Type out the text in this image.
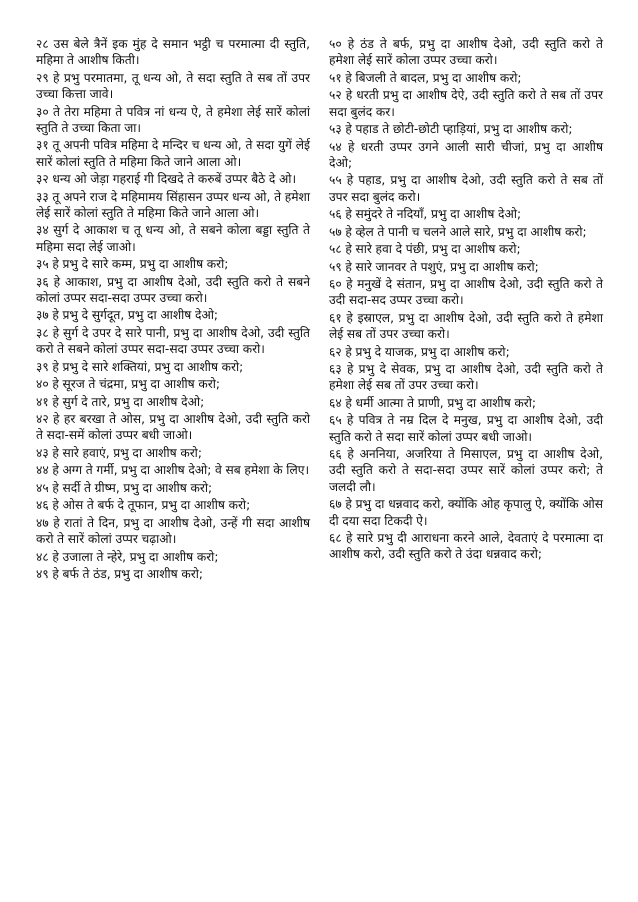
२८ उस बेले त्रैनें इक मुंह दे समान भट्ठी च परमात्मा दी स्तुति, महिमा ते आशीष किती।

२९ हे प्रभु परमातमा, तू धन्य ओ, ते सदा स्तुति ते सब तों उपर उच्चा कित्ता जावे।

३० ते तेरा महिमा ते पवित्र नां धन्य ऐ, ते हमेशा लेई सारें कोलां स्तुति ते उच्चा किता जा।

३१ तू अपनी पवित्र महिमा दे मन्दिर च धन्य ओ, ते सदा युगें लेई सारें कोलां स्तुति ते महिमा किते जाने आला ओ।

३२ धन्य ओ जेड़ा गहराई गी दिखदे ते करुबें उप्पर बैठे दे ओ।

३३ तू अपने राज दे महिमामय सिंहासन उप्पर धन्य ओ, ते हमेशा लेई सारें कोलां स्तुति ते महिमा किते जाने आला ओ।

३४ सुर्ग दे आकाश च तू धन्य ओ, ते सबने कोला बड्डा स्तुति ते महिमा सदा लेई जाओ।

३५ हे प्रभु दे सारे कम्म, प्रभु दा आशीष करो;

३६ हे आकाश, प्रभु दा आशीष देओ, उदी स्तुति करो ते सबने कोलां उप्पर सदा-सदा उप्पर उच्चा करो।

३७ हे प्रभु दे सुर्गदूत, प्रभु दा आशीष देओ;

३८ हे सुर्ग दे उपर दे सारे पानी, प्रभु दा आशीष देओ, उदी स्तुति करो ते सबने कोलां उप्पर सदा-सदा उप्पर उच्चा करो।

३९ हे प्रभु दे सारे शक्तियां, प्रभु दा आशीष करो;

४० हे सूरज ते चंद्रमा, प्रभु दा आशीष करो;

४१ हे सुर्ग दे तारे, प्रभु दा आशीष देओ;

४२ हे हर बरखा ते ओस, प्रभु दा आशीष देओ, उदी स्तुति करो ते सदा-समें कोलां उप्पर बधी जाओ।

४३ हे सारे हवाएं, प्रभु दा आशीष करो;

४४ हे अग्ग ते गर्मी, प्रभु दा आशीष देओ; वे सब हमेशा के लिए।

४५ हे सर्दी ते ग्रीष्म, प्रभु दा आशीष करो;

४६ हे ओस ते बर्फ दे तूफान, प्रभु दा आशीष करो;

४७ हे रातां ते दिन, प्रभु दा आशीष देओ, उन्हें गी सदा आशीष करो ते सारें कोलां उप्पर चढ़ाओ।

४८ हे उजाला ते न्हेरे, प्रभु दा आशीष करो;

४९ हे बर्फ ते ठंड, प्रभु दा आशीष करो;

५० हे ठंड ते बर्फ, प्रभु दा आशीष देओ, उदी स्तुति करो ते हमेशा लेई सारें कोला उप्पर उच्चा करो।

५१ हे बिजली ते बादल, प्रभु दा आशीष करो;

५२ हे धरती प्रभु दा आशीष देऐ, उदी स्तुति करो ते सब तों उपर सदा बुलंद कर।

५३ हे पहाड ते छोटी-छोटी प्हाड़ियां, प्रभु दा आशीष करो;

५४ हे धरती उप्पर उगने आली सारी चीजां, प्रभु दा आशीष देओ;

५५ हे पहाड, प्रभु दा आशीष देओ, उदी स्तुति करो ते सब तों उपर सदा बुलंद करो।

५६ हे समुंदरे ते नदियाँ, प्रभु दा आशीष देओ;

५७ हे व्हेल ते पानी च चलने आले सारे, प्रभु दा आशीष करो;

५८ हे सारे हवा दे पंछी, प्रभु दा आशीष करो;

५९ हे सारे जानवर ते पशुएं, प्रभु दा आशीष करो;

६० हे मनुखें दे संतान, प्रभु दा आशीष देओ, उदी स्तुति करो ते उदी सदा-सद उप्पर उच्चा करो।

६१ हे इस्राएल, प्रभु दा आशीष देओ, उदी स्तुति करो ते हमेशा लेई सब तों उपर उच्चा करो।

६२ हे प्रभु दे याजक, प्रभु दा आशीष करो;

६३ हे प्रभु दे सेवक, प्रभु दा आशीष देओ, उदी स्तुति करो ते हमेशा लेई सब तों उपर उच्चा करो।

६४ हे धर्मी आत्मा ते प्राणी, प्रभु दा आशीष करो;

६५ हे पवित्र ते नम्र दिल दे मनुख, प्रभु दा आशीष देओ, उदी स्तुति करो ते सदा सारें कोलां उप्पर बधी जाओ।

६६ हे अननिया, अजरिया ते मिसाएल, प्रभु दा आशीष देओ, उदी स्तुति करो ते सदा-सदा उप्पर सारें कोलां उप्पर करो; ते जलदी लौ।

६७ हे प्रभु दा धन्नवाद करो, क्योंकि ओह कृपालु ऐ, क्योंकि ओस दी दया सदा टिकदी ऐ।

६८ हे सारे प्रभु दी आराधना करने आले, देवताएं दे परमात्मा दा आशीष करो, उदी स्तुति करो ते उंदा धन्नवाद करो;
